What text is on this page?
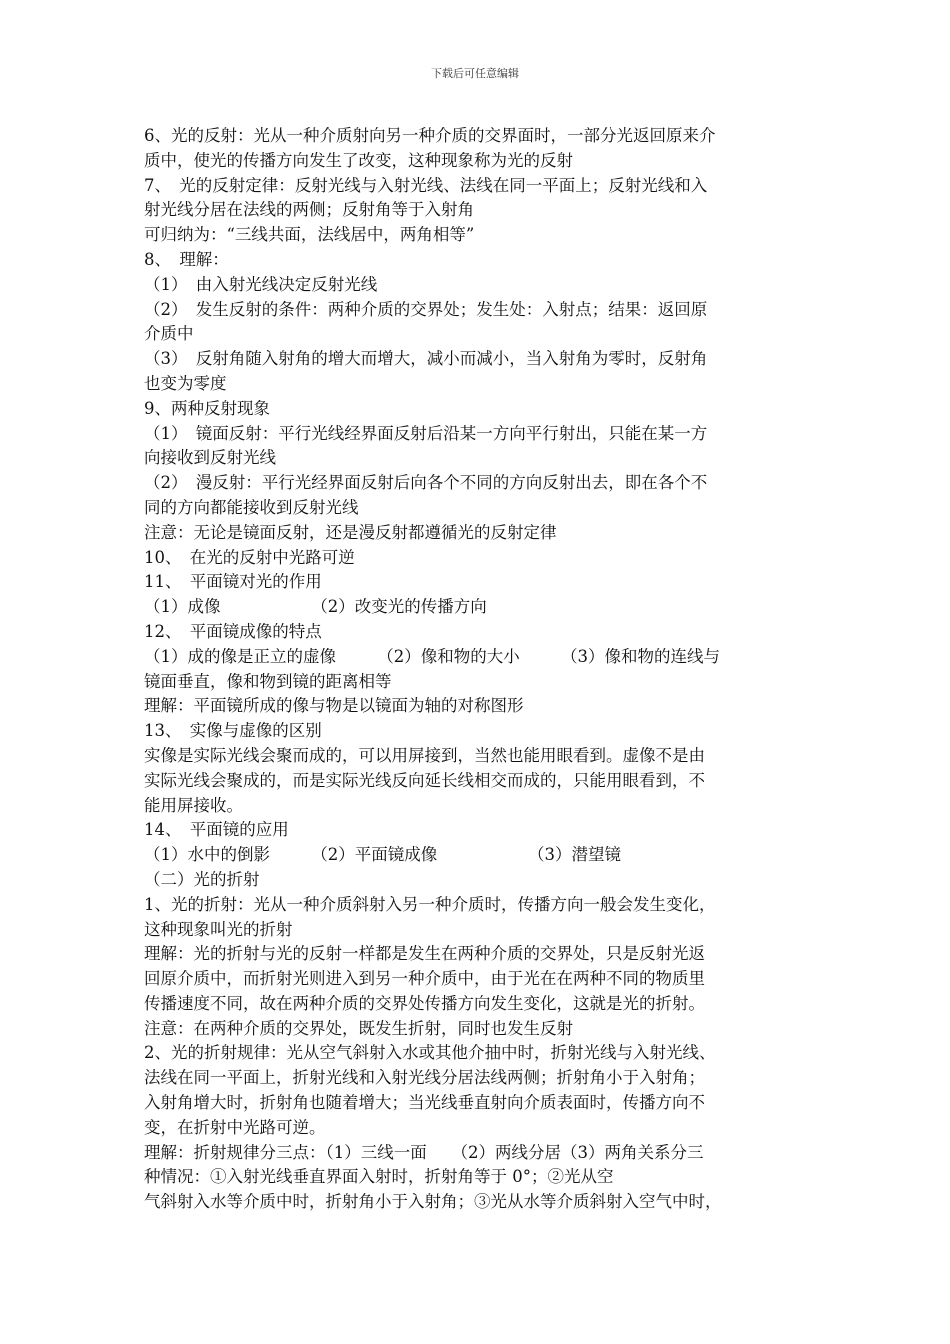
下载后可任意编辑
6、光的反射：光从一种介质射向另一种介质的交界面时，一部分光返回原来介
质中，使光的传播方向发生了改变，这种现象称为光的反射
7、　光的反射定律：反射光线与入射光线、法线在同一平面上；反射光线和入
射光线分居在法线的两侧；反射角等于入射角
可归纳为：“三线共面，法线居中，两角相等”
8、　理解：
（1）　由入射光线决定反射光线
（2）　发生反射的条件：两种介质的交界处；发生处：入射点；结果：返回原
介质中
（3）　反射角随入射角的增大而增大，减小而减小，当入射角为零时，反射角
也变为零度
9、两种反射现象
（1）　镜面反射：平行光线经界面反射后沿某一方向平行射出，只能在某一方
向接收到反射光线
（2）　漫反射：平行光经界面反射后向各个不同的方向反射出去，即在各个不
同的方向都能接收到反射光线
注意：无论是镜面反射，还是漫反射都遵循光的反射定律
10、　在光的反射中光路可逆
11、　平面镜对光的作用
（1）成像　　　　　　（2）改变光的传播方向
12、　平面镜成像的特点
（1）成的像是正立的虚像　　　（2）像和物的大小　　　（3）像和物的连线与
镜面垂直，像和物到镜的距离相等
理解：平面镜所成的像与物是以镜面为轴的对称图形
13、　实像与虚像的区别
实像是实际光线会聚而成的，可以用屏接到，当然也能用眼看到。虚像不是由
实际光线会聚成的，而是实际光线反向延长线相交而成的，只能用眼看到，不
能用屏接收。
14、　平面镜的应用
（1）水中的倒影　　　（2）平面镜成像　　　　　　（3）潜望镜
（二）光的折射
1、光的折射：光从一种介质斜射入另一种介质时，传播方向一般会发生变化，
这种现象叫光的折射
理解：光的折射与光的反射一样都是发生在两种介质的交界处，只是反射光返
回原介质中，而折射光则进入到另一种介质中，由于光在在两种不同的物质里
传播速度不同，故在两种介质的交界处传播方向发生变化，这就是光的折射。
注意：在两种介质的交界处，既发生折射，同时也发生反射
2、光的折射规律：光从空气斜射入水或其他介抽中时，折射光线与入射光线、
法线在同一平面上，折射光线和入射光线分居法线两侧；折射角小于入射角；
入射角增大时，折射角也随着增大；当光线垂直射向介质表面时，传播方向不
变，在折射中光路可逆。
理解：折射规律分三点：（1）三线一面　　（2）两线分居（3）两角关系分三
种情况：①入射光线垂直界面入射时，折射角等于 0°；②光从空
气斜射入水等介质中时，折射角小于入射角；③光从水等介质斜射入空气中时，
